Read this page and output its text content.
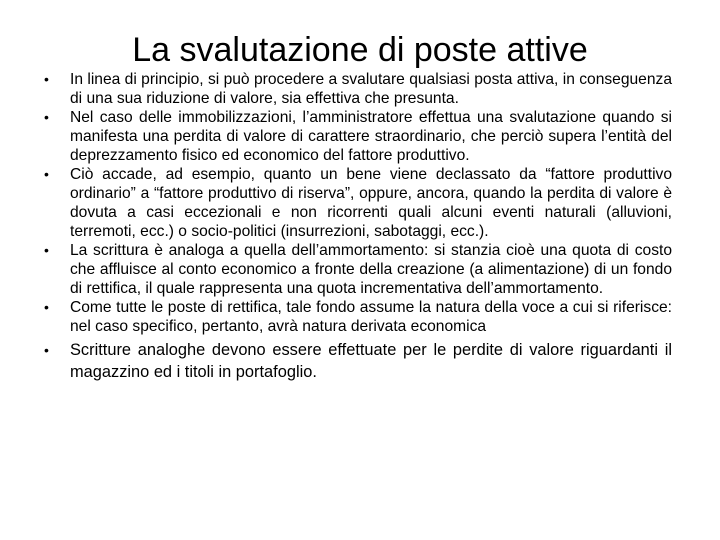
La svalutazione di poste attive
•	In linea di principio, si può procedere a svalutare qualsiasi posta attiva, in conseguenza di una sua riduzione di valore, sia effettiva che presunta.
•	Nel caso delle immobilizzazioni, l’amministratore effettua una svalutazione quando si manifesta una perdita di valore di carattere straordinario, che perciò supera l’entità del deprezzamento fisico ed economico del fattore produttivo.
•	Ciò accade, ad esempio, quanto un bene viene declassato da “fattore produttivo ordinario” a “fattore produttivo di riserva”, oppure, ancora, quando la perdita di valore è dovuta a casi eccezionali e non ricorrenti quali alcuni eventi naturali (alluvioni, terremoti, ecc.) o socio-politici (insurrezioni, sabotaggi, ecc.).
•	La scrittura è analoga a quella dell’ammortamento: si stanzia cioè una quota di costo che affluisce al conto economico a fronte della creazione (a alimentazione) di un fondo di rettifica, il quale rappresenta una quota incrementativa dell’ammortamento.
•	Come tutte le poste di rettifica, tale fondo assume la natura della voce a cui si riferisce: nel caso specifico, pertanto, avrà natura derivata economica
•	Scritture analoghe devono essere effettuate per le perdite di valore riguardanti il magazzino ed i titoli in portafoglio.
